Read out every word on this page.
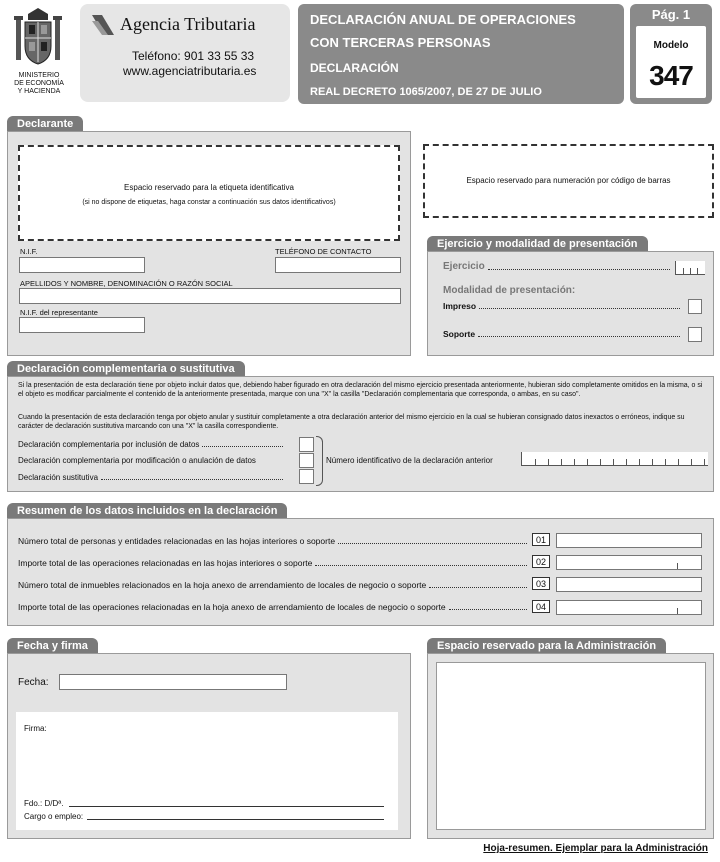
MINISTERIO
DE ECONOMÍA
Y HACIENDA
Agencia Tributaria
Teléfono: 901 33 55 33
www.agenciatributaria.es
DECLARACIÓN ANUAL DE OPERACIONES
CON TERCERAS PERSONAS
DECLARACIÓN
REAL DECRETO 1065/2007, DE 27 DE JULIO
Pág. 1
Modelo
347
Declarante
Espacio reservado para la etiqueta identificativa
(si no dispone de etiquetas, haga constar a continuación sus datos identificativos)
N.I.F.	TELÉFONO DE CONTACTO
APELLIDOS Y NOMBRE, DENOMINACIÓN O RAZÓN SOCIAL
N.I.F. del representante
Espacio reservado para numeración por código de barras
Ejercicio y modalidad de presentación
Ejercicio
Modalidad de presentación:
Impreso
Soporte
Declaración complementaria o sustitutiva
Si la presentación de esta declaración tiene por objeto incluir datos que, debiendo haber figurado en otra declaración del mismo ejercicio presentada anteriormente, hubieran sido completamente omitidos en la misma, o si el objeto es modificar parcialmente el contenido de la anteriormente presentada, marque con una "X" la casilla "Declaración complementaria que corresponda, o ambas, en su caso".
Cuando la presentación de esta declaración tenga por objeto anular y sustituir completamente a otra declaración anterior del mismo ejercicio en la cual se hubieran consignado datos inexactos o erróneos, indique su carácter de declaración sustitutiva marcando con una "X" la casilla correspondiente.
Declaración complementaria por inclusión de datos
Declaración complementaria por modificación o anulación de datos
Declaración sustitutiva
Número identificativo de la declaración anterior
Resumen de los datos incluidos en la declaración
Número total de personas y entidades relacionadas en las hojas interiores o soporte	01
Importe total de las operaciones relacionadas en las hojas interiores o soporte	02
Número total de inmuebles relacionados en la hoja anexo de arrendamiento de locales de negocio o soporte	03
Importe total de las operaciones relacionadas en la hoja anexo de arrendamiento de locales de negocio o soporte	04
Fecha y firma
Fecha:
Firma:
Fdo.: D/Dª.
Cargo o empleo:
Espacio reservado para la Administración
Hoja-resumen. Ejemplar para la Administración
